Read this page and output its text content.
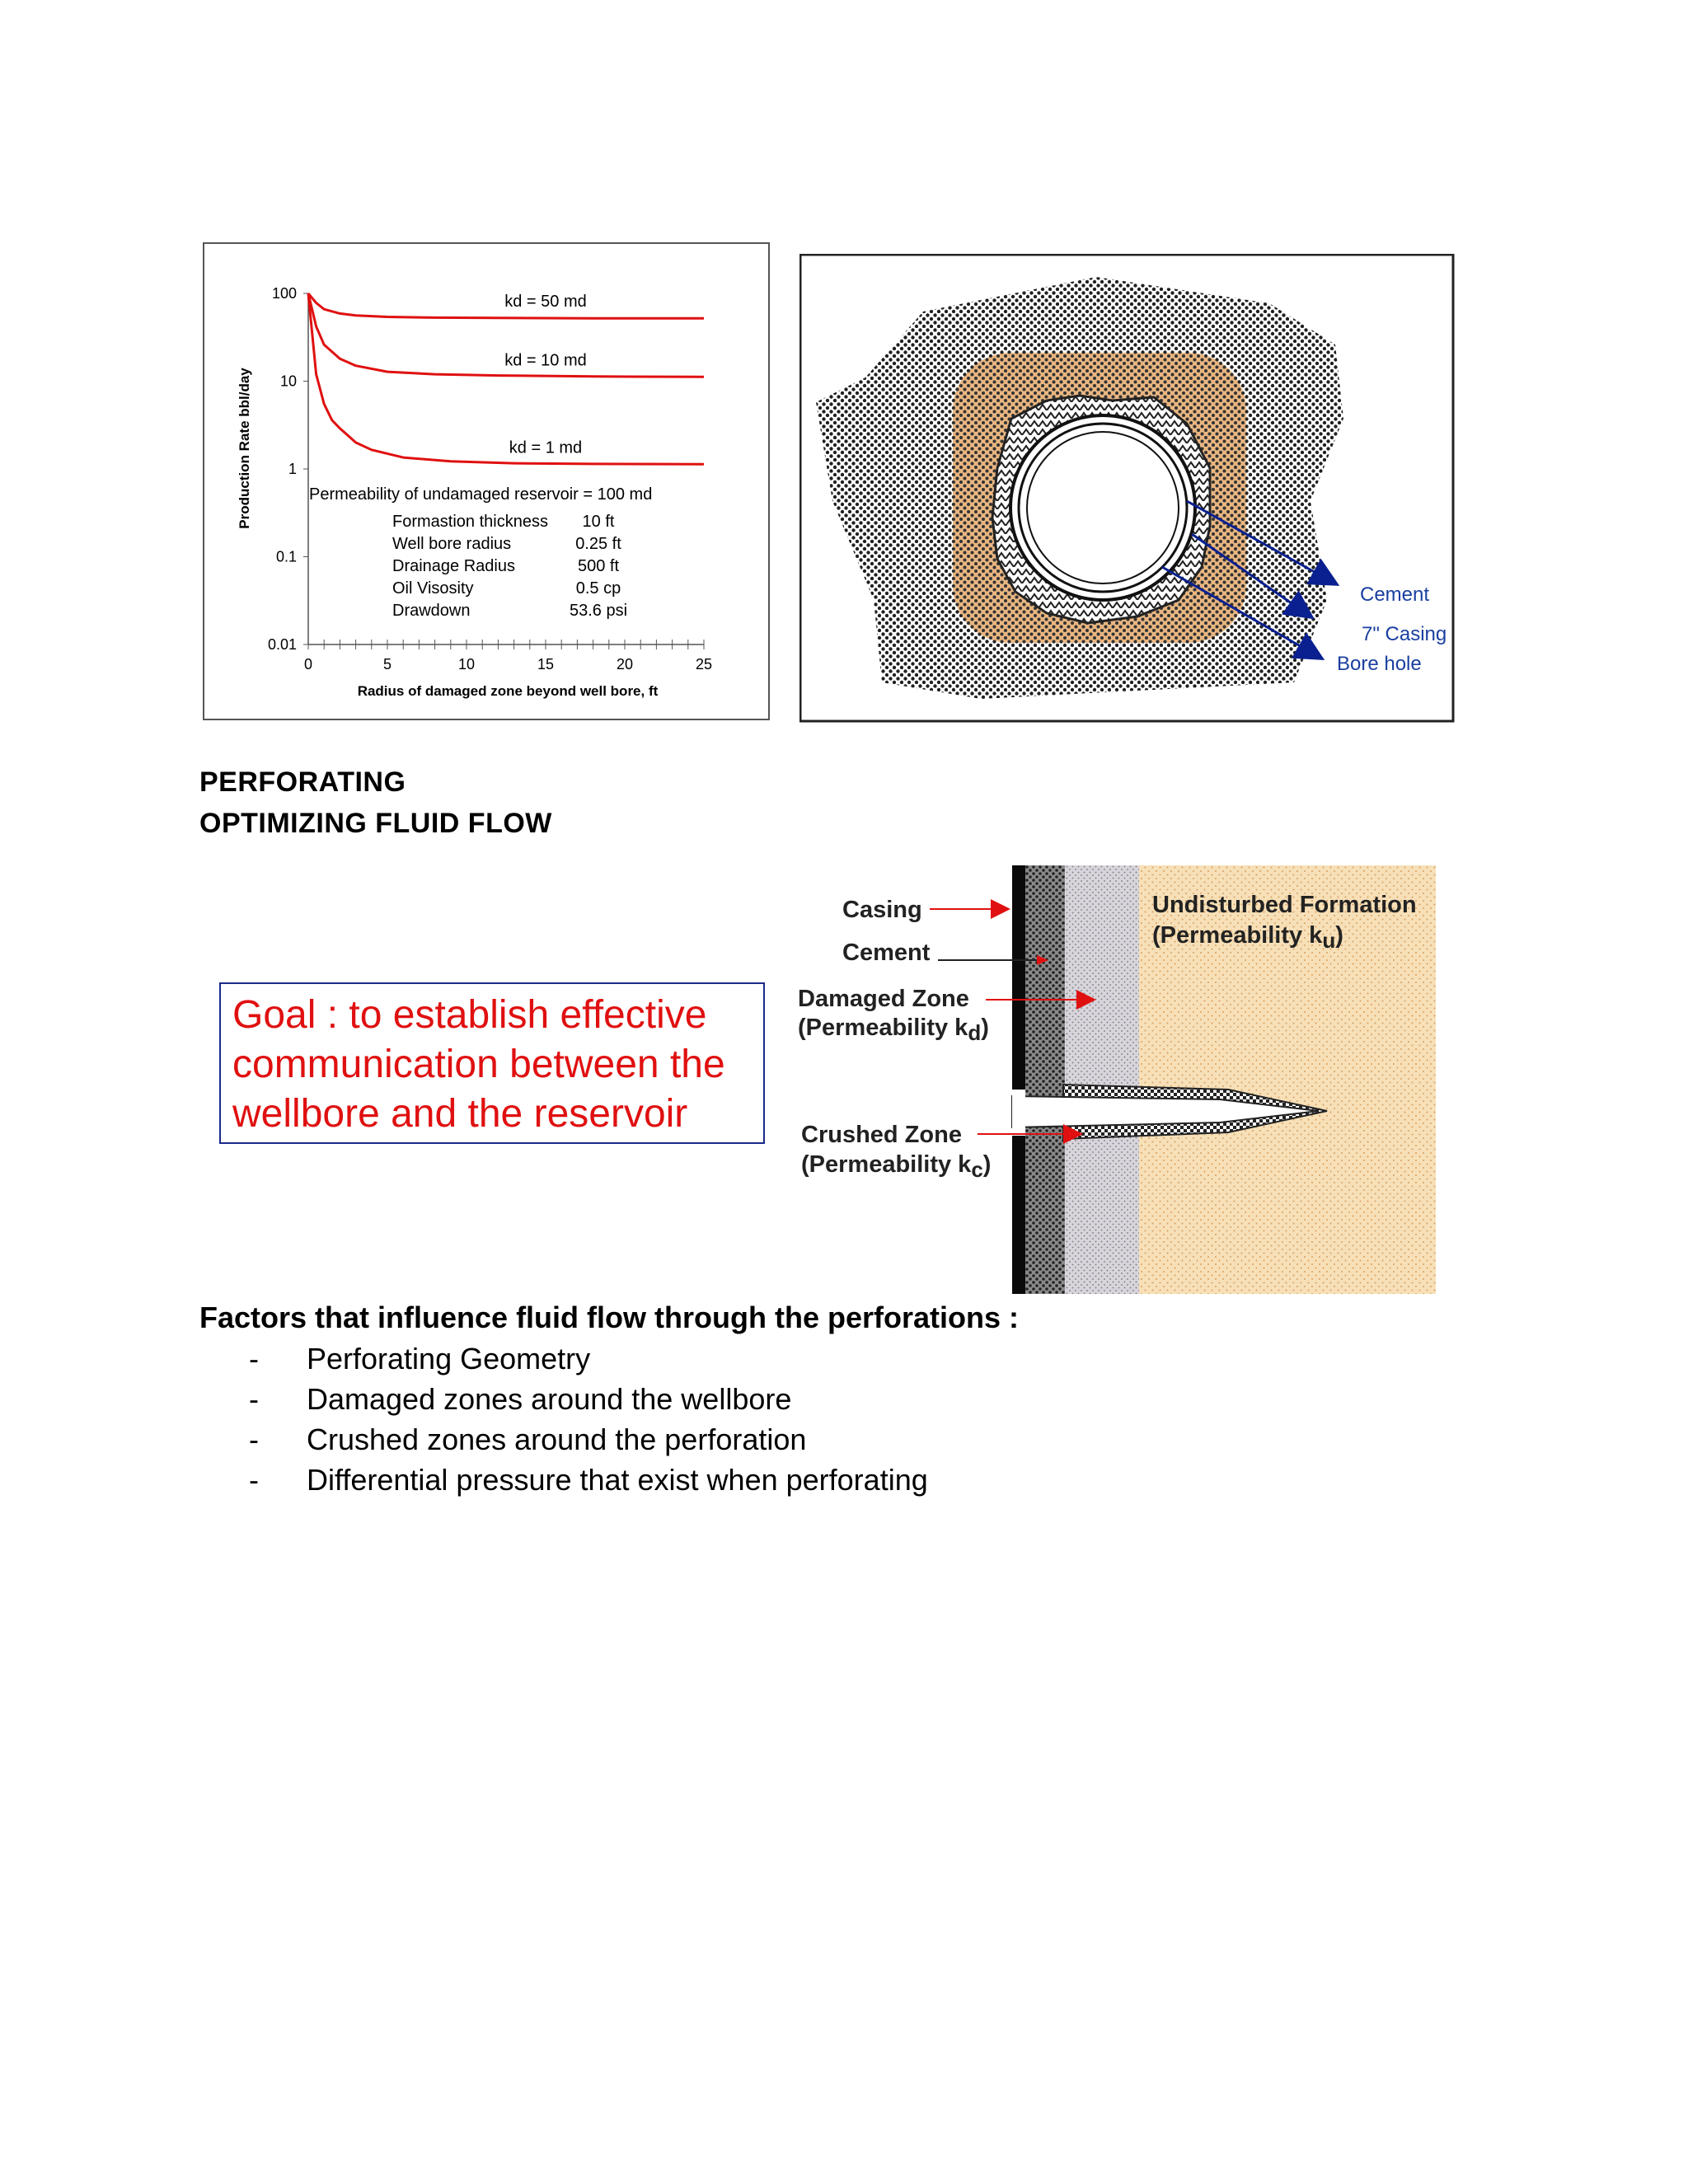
0	5	10	15	20	25
100
10
1
0.1
0.01
kd = 50 md
kd = 10 md
kd = 1 md
Permeability of undamaged reservoir = 100 md
Formastion thickness 10 ft
Well bore radius	0.25 ft
Drainage Radius	500 ft
Oil Visosity	0.5 cp
Drawdown	53.6 psi
Radius of damaged zone beyond well bore, ft
Production Rate bbl/day
Cement
7" Casing
Bore hole
PERFORATING
OPTIMIZING FLUID FLOW
Goal : to establish effective
communication between the
wellbore and the reservoir
Casing
Cement
Damaged Zone
(Permeability kd)
Crushed Zone
(Permeability kc)
Undisturbed Formation
(Permeability ku)
Factors that influence fluid flow through the perforations :
-	Perforating Geometry
-	Damaged zones around the wellbore
-	Crushed zones around the perforation
-	Differential pressure that exist when perforating
